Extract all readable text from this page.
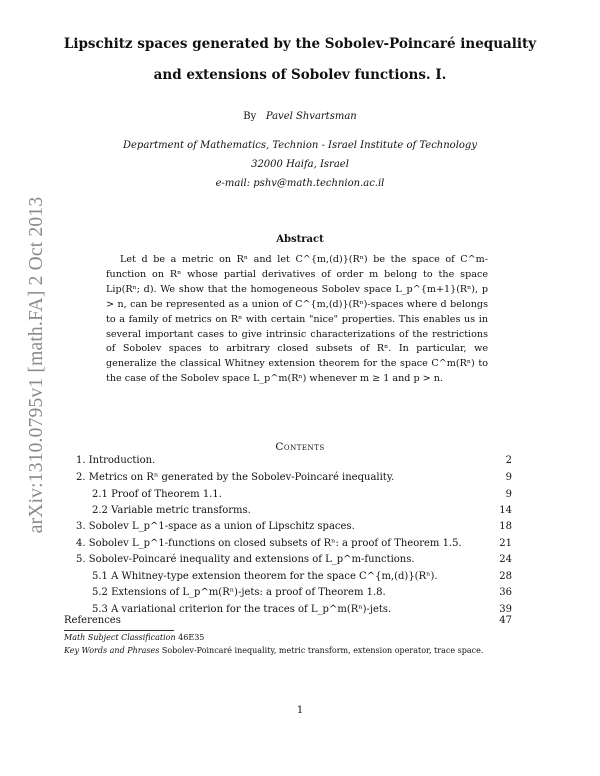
arXiv:1310.0795v1 [math.FA] 2 Oct 2013
Lipschitz spaces generated by the Sobolev-Poincaré inequality
and extensions of Sobolev functions. I.
By Pavel Shvartsman
Department of Mathematics, Technion - Israel Institute of Technology
32000 Haifa, Israel
e-mail: pshv@math.technion.ac.il
Abstract
Let d be a metric on Rⁿ and let C^{m,(d)}(Rⁿ) be the space of C^m-function on Rⁿ whose partial derivatives of order m belong to the space Lip(Rⁿ; d). We show that the homogeneous Sobolev space L_p^{m+1}(Rⁿ), p > n, can be represented as a union of C^{m,(d)}(Rⁿ)-spaces where d belongs to a family of metrics on Rⁿ with certain "nice" properties. This enables us in several important cases to give intrinsic characterizations of the restrictions of Sobolev spaces to arbitrary closed subsets of Rⁿ. In particular, we generalize the classical Whitney extension theorem for the space C^m(Rⁿ) to the case of the Sobolev space L_p^m(Rⁿ) whenever m ≥ 1 and p > n.
Contents
1. Introduction.	2
2. Metrics on Rⁿ generated by the Sobolev-Poincaré inequality.	9
2.1 Proof of Theorem 1.1.	9
2.2 Variable metric transforms.	14
3. Sobolev L_p^1-space as a union of Lipschitz spaces.	18
4. Sobolev L_p^1-functions on closed subsets of Rⁿ: a proof of Theorem 1.5.	21
5. Sobolev-Poincaré inequality and extensions of L_p^m-functions.	24
5.1 A Whitney-type extension theorem for the space C^{m,(d)}(Rⁿ).	28
5.2 Extensions of L_p^m(Rⁿ)-jets: a proof of Theorem 1.8.	36
5.3 A variational criterion for the traces of L_p^m(Rⁿ)-jets.	39
References	47
Math Subject Classification 46E35
Key Words and Phrases Sobolev-Poincaré inequality, metric transform, extension operator, trace space.
1
